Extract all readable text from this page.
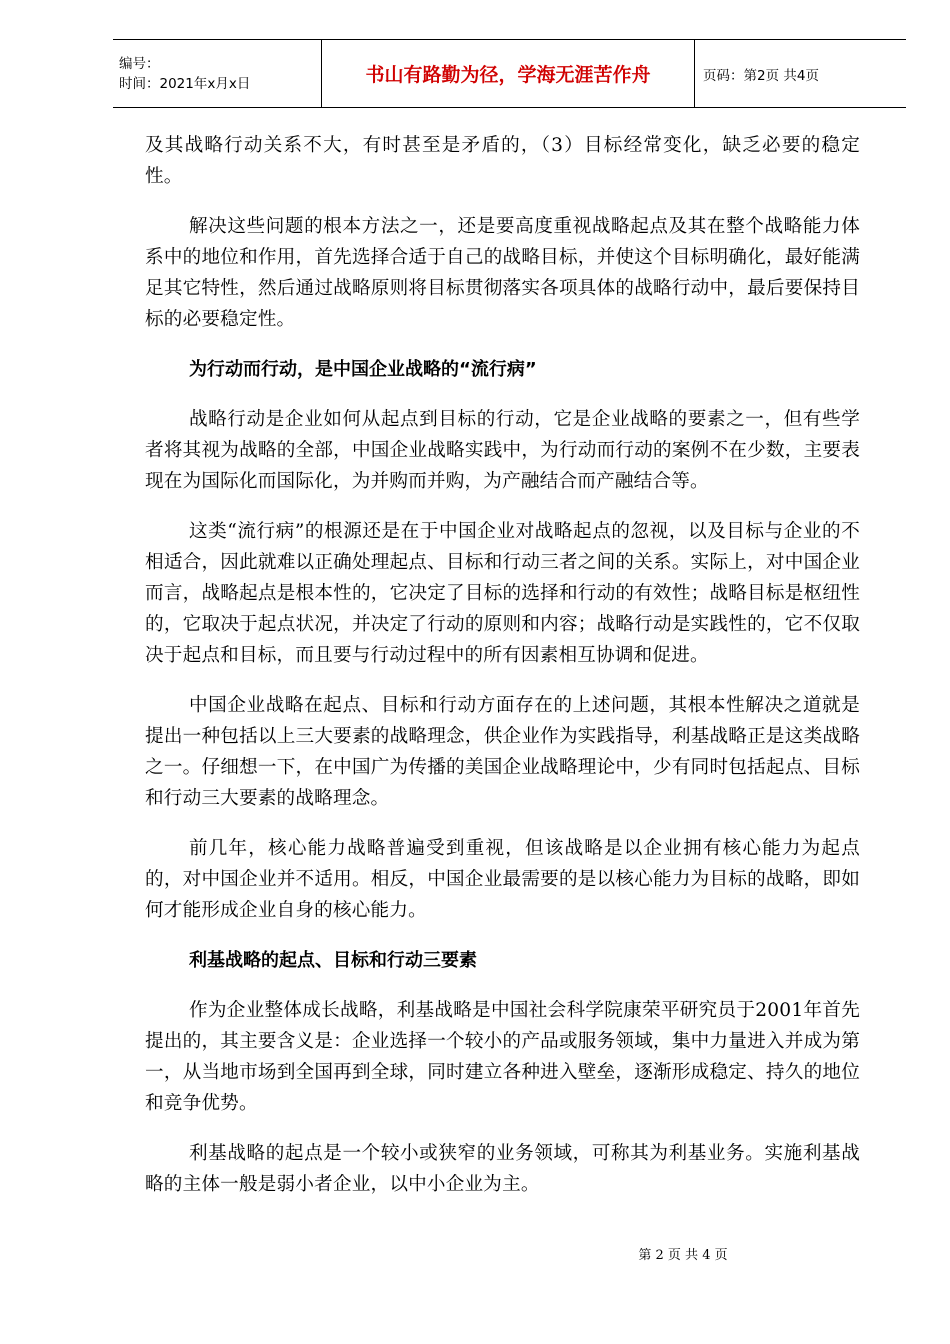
编号：
时间：2021年x月x日	书山有路勤为径，学海无涯苦作舟	页码：第2页 共4页

及其战略行动关系不大，有时甚至是矛盾的，（3）目标经常变化，缺乏必要的稳定性。

解决这些问题的根本方法之一，还是要高度重视战略起点及其在整个战略能力体系中的地位和作用，首先选择合适于自己的战略目标，并使这个目标明确化，最好能满足其它特性，然后通过战略原则将目标贯彻落实各项具体的战略行动中，最后要保持目标的必要稳定性。

为行动而行动，是中国企业战略的“流行病”

战略行动是企业如何从起点到目标的行动，它是企业战略的要素之一，但有些学者将其视为战略的全部，中国企业战略实践中，为行动而行动的案例不在少数，主要表现在为国际化而国际化，为并购而并购，为产融结合而产融结合等。

这类“流行病”的根源还是在于中国企业对战略起点的忽视，以及目标与企业的不相适合，因此就难以正确处理起点、目标和行动三者之间的关系。实际上，对中国企业而言，战略起点是根本性的，它决定了目标的选择和行动的有效性；战略目标是枢纽性的，它取决于起点状况，并决定了行动的原则和内容；战略行动是实践性的，它不仅取决于起点和目标，而且要与行动过程中的所有因素相互协调和促进。

中国企业战略在起点、目标和行动方面存在的上述问题，其根本性解决之道就是提出一种包括以上三大要素的战略理念，供企业作为实践指导，利基战略正是这类战略之一。仔细想一下，在中国广为传播的美国企业战略理论中，少有同时包括起点、目标和行动三大要素的战略理念。

前几年，核心能力战略普遍受到重视，但该战略是以企业拥有核心能力为起点的，对中国企业并不适用。相反，中国企业最需要的是以核心能力为目标的战略，即如何才能形成企业自身的核心能力。

利基战略的起点、目标和行动三要素

作为企业整体成长战略，利基战略是中国社会科学院康荣平研究员于2001年首先提出的，其主要含义是：企业选择一个较小的产品或服务领域，集中力量进入并成为第一，从当地市场到全国再到全球，同时建立各种进入壁垒，逐渐形成稳定、持久的地位和竞争优势。

利基战略的起点是一个较小或狭窄的业务领域，可称其为利基业务。实施利基战略的主体一般是弱小者企业，以中小企业为主。

第 2 页 共 4 页
